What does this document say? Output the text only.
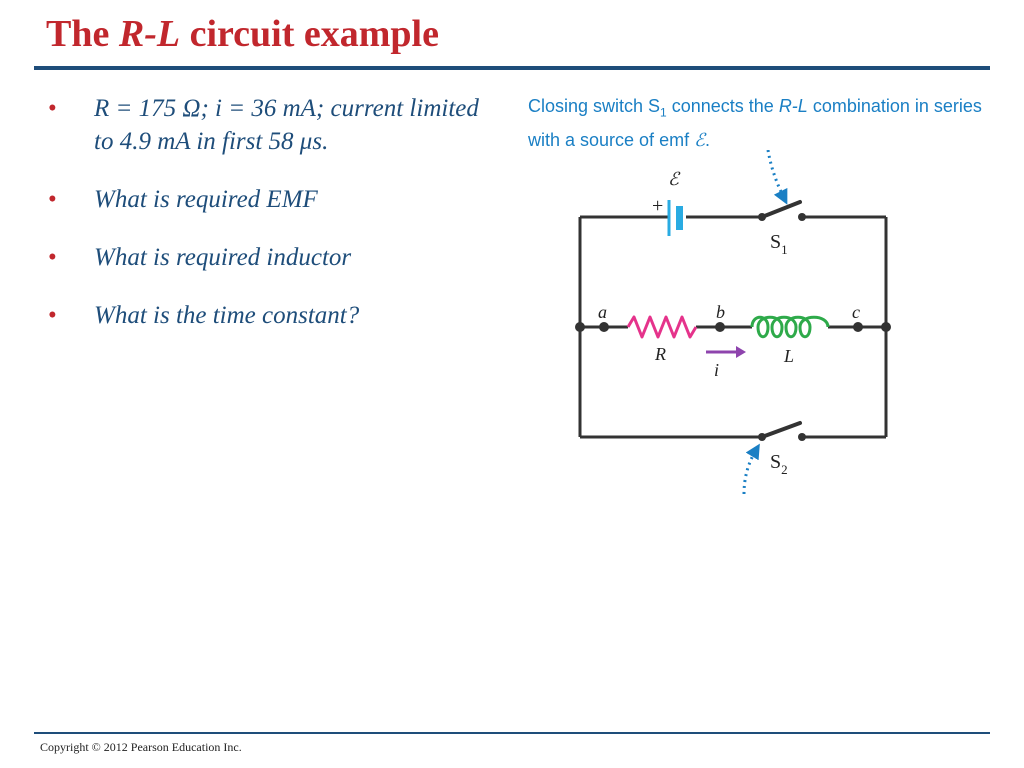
The R-L circuit example
• R = 175 Ω; i = 36 mA; current limited to 4.9 mA in first 58 μs.
• What is required EMF
• What is required inductor
• What is the time constant?
Closing switch $S_1$ connects the R-L combination in series with a source of emf ℰ.
+
ℰ
$S_1$
a	b	c
R	L
i
$S_2$
Copyright © 2012 Pearson Education Inc.
